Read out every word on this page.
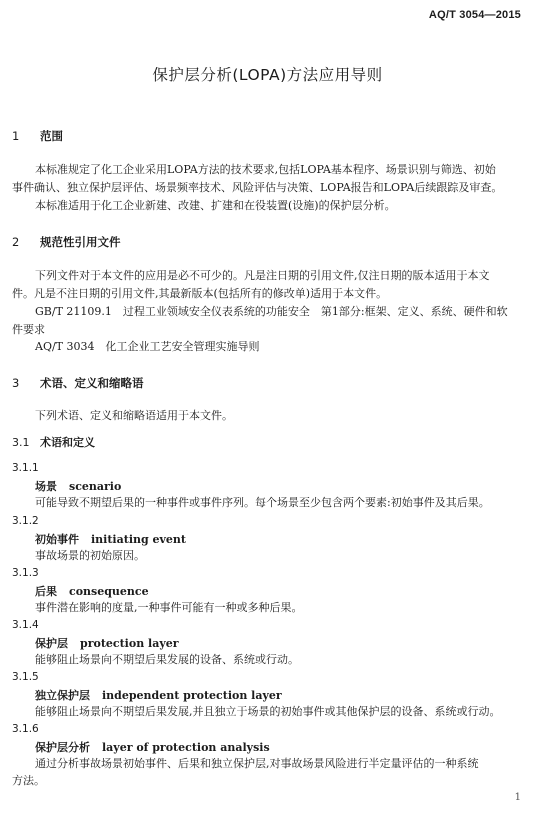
AQ/T 3054—2015
保护层分析(LOPA)方法应用导则
1 范围
本标准规定了化工企业采用LOPA方法的技术要求,包括LOPA基本程序、场景识别与筛选、初始
事件确认、独立保护层评估、场景频率技术、风险评估与决策、LOPA报告和LOPA后续跟踪及审查。
本标准适用于化工企业新建、改建、扩建和在役装置(设施)的保护层分析。
2 规范性引用文件
下列文件对于本文件的应用是必不可少的。凡是注日期的引用文件,仅注日期的版本适用于本文
件。凡是不注日期的引用文件,其最新版本(包括所有的修改单)适用于本文件。
GB/T 21109.1　过程工业领域安全仪表系统的功能安全　第1部分:框架、定义、系统、硬件和软
件要求
AQ/T 3034　化工企业工艺安全管理实施导则
3 术语、定义和缩略语
下列术语、定义和缩略语适用于本文件。
3.1 术语和定义
3.1.1
场景 scenario
可能导致不期望后果的一种事件或事件序列。每个场景至少包含两个要素:初始事件及其后果。
3.1.2
初始事件 initiating event
事故场景的初始原因。
3.1.3
后果 consequence
事件潜在影响的度量,一种事件可能有一种或多种后果。
3.1.4
保护层 protection layer
能够阻止场景向不期望后果发展的设备、系统或行动。
3.1.5
独立保护层 independent protection layer
能够阻止场景向不期望后果发展,并且独立于场景的初始事件或其他保护层的设备、系统或行动。
3.1.6
保护层分析 layer of protection analysis
通过分析事故场景初始事件、后果和独立保护层,对事故场景风险进行半定量评估的一种系统
方法。
1
